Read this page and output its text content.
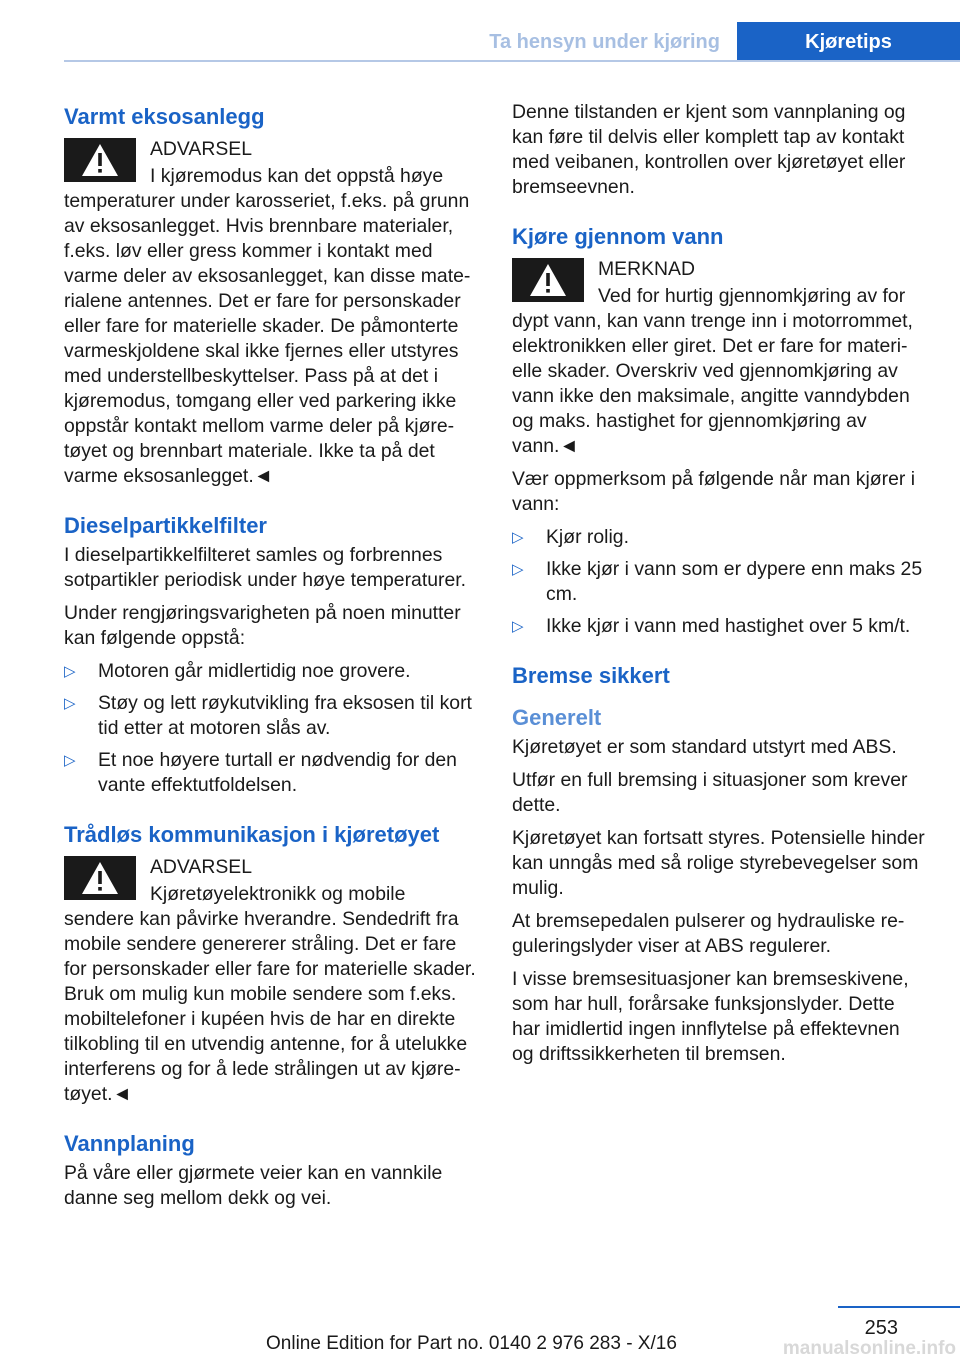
Ta hensyn under kjøring	Kjøretips
Varmt eksosanlegg
ADVARSEL
I kjøremodus kan det oppstå høye temperaturer under karosseriet, f.eks. på grunn av eksosanlegget. Hvis brennbare materialer, f.eks. løv eller gress kommer i kontakt med varme deler av eksosanlegget, kan disse materialene antennes. Det er fare for personskader eller fare for materielle skader. De påmonterte varmeskjoldene skal ikke fjernes eller utstyres med understellbeskyttelser. Pass på at det i kjøremodus, tomgang eller ved parkering ikke oppstår kontakt mellom varme deler på kjøretøyet og brennbart materiale. Ikke ta på det varme eksosanlegget.◄
Dieselpartikkelfilter

I dieselpartikkelfilteret samles og forbrennes sotpartikler periodisk under høye temperaturer.

Under rengjøringsvarigheten på noen minutter kan følgende oppstå:

▷ Motoren går midlertidig noe grovere.
▷ Støy og lett røykutvikling fra eksosen til kort tid etter at motoren slås av.
▷ Et noe høyere turtall er nødvendig for den vante effektutfoldelsen.
Trådløs kommunikasjon i kjøretøyet
ADVARSEL
Kjøretøyelektronikk og mobile sendere kan påvirke hverandre. Sendedrift fra mobile sendere genererer stråling. Det er fare for personskader eller fare for materielle skader. Bruk om mulig kun mobile sendere som f.eks. mobiltelefoner i kupéen hvis de har en direkte tilkobling til en utvendig antenne, for å utelukke interferens og for å lede strålingen ut av kjøretøyet.◄
Vannplaning

På våre eller gjørmete veier kan en vannkile danne seg mellom dekk og vei.

Denne tilstanden er kjent som vannplaning og kan føre til delvis eller komplett tap av kontakt med veibanen, kontrollen over kjøretøyet eller bremseevnen.

Kjøre gjennom vann
MERKNAD
Ved for hurtig gjennomkjøring av for dypt vann, kan vann trenge inn i motorrommet, elektronikken eller giret. Det er fare for materielle skader. Overskriv ved gjennomkjøring av vann ikke den maksimale, angitte vanndybden og maks. hastighet for gjennomkjøring av vann.◄

Vær oppmerksom på følgende når man kjører i vann:

▷ Kjør rolig.
▷ Ikke kjør i vann som er dypere enn maks 25 cm.
▷ Ikke kjør i vann med hastighet over 5 km/t.
Bremse sikkert
Generelt

Kjøretøyet er som standard utstyrt med ABS.

Utfør en full bremsing i situasjoner som krever dette.

Kjøretøyet kan fortsatt styres. Potensielle hinder kan unngås med så rolige styrebevegelser som mulig.

At bremsepedalen pulserer og hydrauliske reguleringslyder viser at ABS regulerer.

I visse bremsesituasjoner kan bremseskivene, som har hull, forårsake funksjonslyder. Dette har imidlertid ingen innflytelse på effektevnen og driftssikkerheten til bremsen.

253
Online Edition for Part no. 0140 2 976 283 - X/16	manualsonline.info
